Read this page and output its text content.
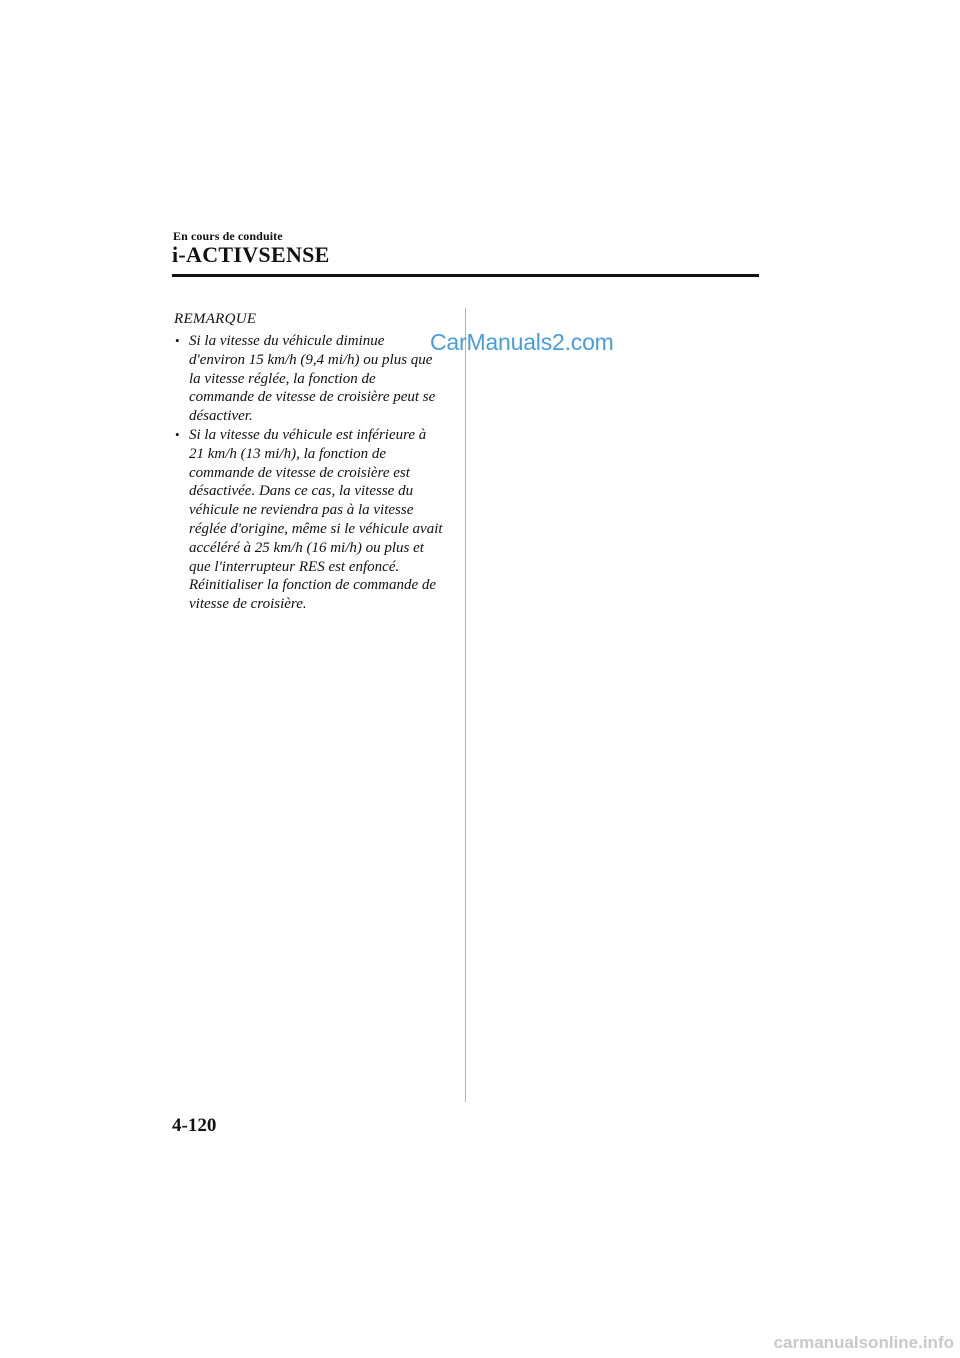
En cours de conduite
i-ACTIVSENSE

REMARQUE

• Si la vitesse du véhicule diminue d'environ 15 km/h (9,4 mi/h) ou plus que la vitesse réglée, la fonction de commande de vitesse de croisière peut se désactiver.
• Si la vitesse du véhicule est inférieure à 21 km/h (13 mi/h), la fonction de commande de vitesse de croisière est désactivée. Dans ce cas, la vitesse du véhicule ne reviendra pas à la vitesse réglée d'origine, même si le véhicule avait accéléré à 25 km/h (16 mi/h) ou plus et que l'interrupteur RES est enfoncé. Réinitialiser la fonction de commande de vitesse de croisière.
CarManuals2.com
4-120
carmanualsonline.info
